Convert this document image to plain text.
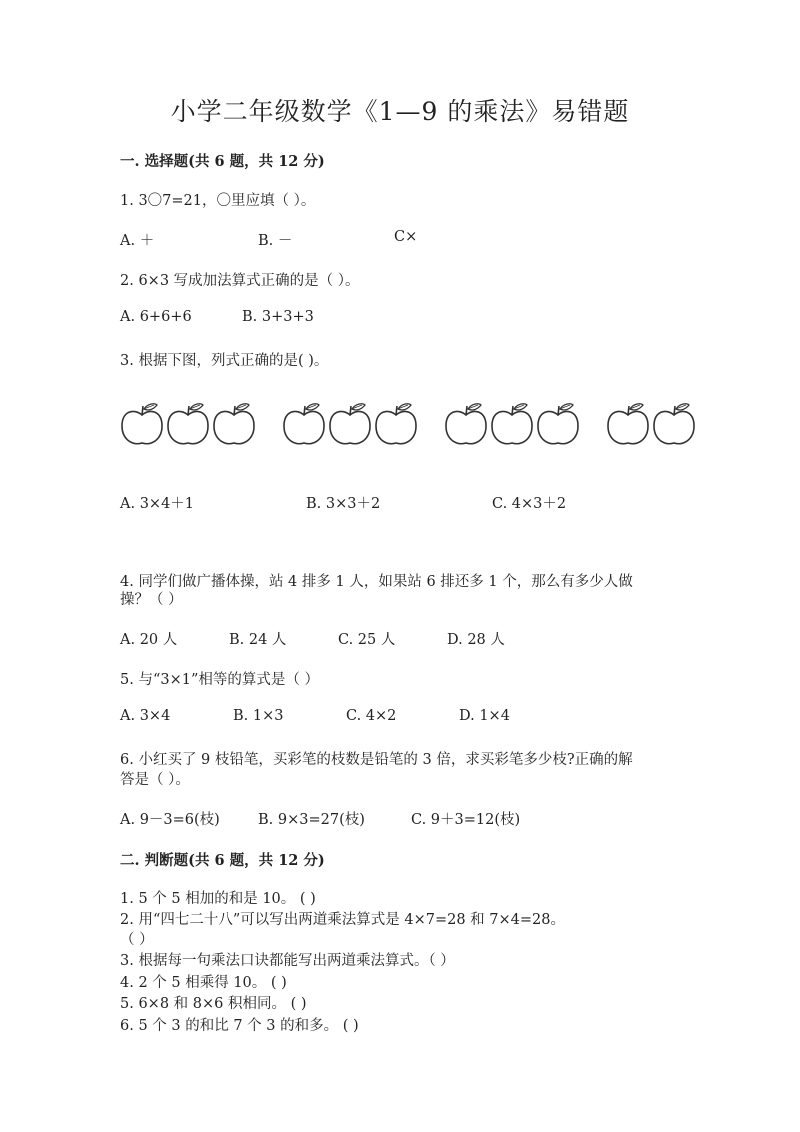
小学二年级数学《1—9 的乘法》易错题
一. 选择题(共 6 题，共 12 分)
1. 3〇7=21，〇里应填（ ）。
A. ＋	B. －	C×
2. 6×3 写成加法算式正确的是（ ）。
A. 6+6+6	B. 3+3+3
3. 根据下图，列式正确的是( )。
A. 3×4＋1	B. 3×3＋2	C. 4×3＋2
4. 同学们做广播体操，站 4 排多 1 人，如果站 6 排还多 1 个，那么有多少人做
操？（ ）
A. 20 人	B. 24 人	C. 25 人	D. 28 人
5. 与“3×1”相等的算式是（ ）
A. 3×4	B. 1×3	C. 4×2	D. 1×4
6. 小红买了 9 枝铅笔，买彩笔的枝数是铅笔的 3 倍，求买彩笔多少枝?正确的解
答是（ ）。
A. 9－3=6(枝)	B. 9×3=27(枝)	C. 9＋3=12(枝)
二. 判断题(共 6 题，共 12 分)
1. 5 个 5 相加的和是 10。 ( )
2. 用“四七二十八”可以写出两道乘法算式是 4×7=28 和 7×4=28。
（ ）
3. 根据每一句乘法口诀都能写出两道乘法算式。（ ）
4. 2 个 5 相乘得 10。 ( )
5. 6×8 和 8×6 积相同。 ( )
6. 5 个 3 的和比 7 个 3 的和多。 ( )
